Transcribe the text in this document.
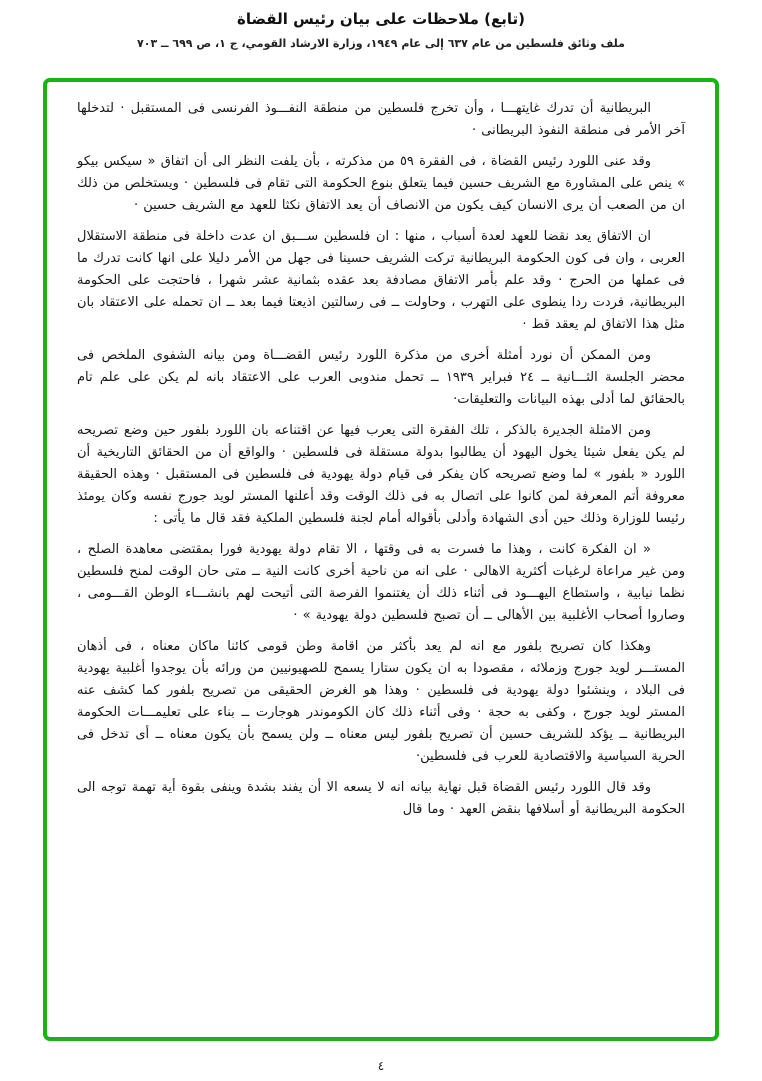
(تابع) ملاحظات على بيان رئيس القضاة
ملف وثائق فلسطين من عام ٦٣٧ إلى عام ١٩٤٩، وزارة الارشاد القومي، ج ١، ص ٦٩٩ ــ ٧٠٣

البريطانية أن تدرك غايتهـــا ، وأن تخرج فلسطين من منطقة النفـــوذ الفرنسى فى المستقبل · لتدخلها آخر الأمر فى منطقة النفوذ البريطانى ·

وقد عنى اللورد رئيس القضاة ، فى الفقرة ٥٩ من مذكرته ، بأن يلفت النظر الى أن اتفاق « سيكس بيكو » ينص على المشاورة مع الشريف حسين فيما يتعلق بنوع الحكومة التى تقام فى فلسطين · ويستخلص من ذلك ان من الصعب أن يرى الانسان كيف يكون من الانصاف أن يعد الاتفاق نكثا للعهد مع الشريف حسين ·

ان الاتفاق يعد نقضا للعهد لعدة أسباب ، منها : ان فلسطين ســـبق ان عدت داخلة فى منطقة الاستقلال العربى ، وان فى كون الحكومة البريطانية تركت الشريف حسينا فى جهل من الأمر دليلا على انها كانت تدرك ما فى عملها من الحرج · وقد علم بأمر الاتفاق مصادفة بعد عقده بثمانية عشر شهرا ، فاحتجت على الحكومة البريطانية، فردت ردا ينطوى على التهرب ، وحاولت ــ فى رسالتين اذيعتا فيما بعد ــ ان تحمله على الاعتقاد بان مثل هذا الاتفاق لم يعقد قط ·

ومن الممكن أن نورد أمثلة أخرى من مذكرة اللورد رئيس القضـــاة ومن بيانه الشفوى الملخص فى محضر الجلسة الثـــانية ــ ٢٤ فبراير ١٩٣٩ ــ تحمل مندوبى العرب على الاعتقاد بانه لم يكن على علم تام بالحقائق لما أدلى بهذه البيانات والتعليقات·

ومن الامثلة الجديرة بالذكر ، تلك الفقرة التى يعرب فيها عن اقتناعه بان اللورد بلفور حين وضع تصريحه لم يكن يفعل شيئا يخول اليهود أن يطالبوا بدولة مستقلة فى فلسطين · والواقع أن من الحقائق التاريخية أن اللورد « بلفور » لما وضع تصريحه كان يفكر فى قيام دولة يهودية فى فلسطين فى المستقبل · وهذه الحقيقة معروفة أتم المعرفة لمن كانوا على اتصال به فى ذلك الوقت وقد أعلنها المستر لويد جورج نفسه وكان يومئذ رئيسا للوزارة وذلك حين أدى الشهادة وأدلى بأقواله أمام لجنة فلسطين الملكية فقد قال ما يأتى :

« ان الفكرة كانت ، وهذا ما فسرت به فى وقتها ، الا تقام دولة يهودية فورا بمقتضى معاهدة الصلح ، ومن غير مراعاة لرغبات أكثرية الاهالى · على انه من ناحية أخرى كانت النية ــ متى حان الوقت لمنح فلسطين نظما نيابية ، واستطاع اليهـــود فى أثناء ذلك أن يغتنموا الفرصة التى أتيحت لهم بانشـــاء الوطن القـــومى ، وصاروا أصحاب الأغلبية بين الأهالى ــ أن تصبح فلسطين دولة يهودية » ·

وهكذا كان تصريح بلفور مع انه لم يعد بأكثر من اقامة وطن قومى كائنا ماكان معناه ، فى أذهان المستـــر لويد جورج وزملائه ، مقصودا به ان يكون ستارا يسمح للصهيونيين من ورائه بأن يوجدوا أغلبية يهودية فى البلاد ، وينشئوا دولة يهودية فى فلسطين · وهذا هو الغرض الحقيقى من تصريح بلفور كما كشف عنه المستر لويد جورج ، وكفى به حجة · وفى أثناء ذلك كان الكوموندر هوجارت ــ بناء على تعليمـــات الحكومة البريطانية ــ يؤكد للشريف حسين أن تصريح بلفور ليس معناه ــ ولن يسمح بأن يكون معناه ــ أى تدخل فى الحرية السياسية والاقتصادية للعرب فى فلسطين·

وقد قال اللورد رئيس القضاة قبل نهاية بيانه انه لا يسعه الا أن يفند بشدة وينفى بقوة أية تهمة توجه الى الحكومة البريطانية أو أسلافها بنقض العهد · وما قال

٤
